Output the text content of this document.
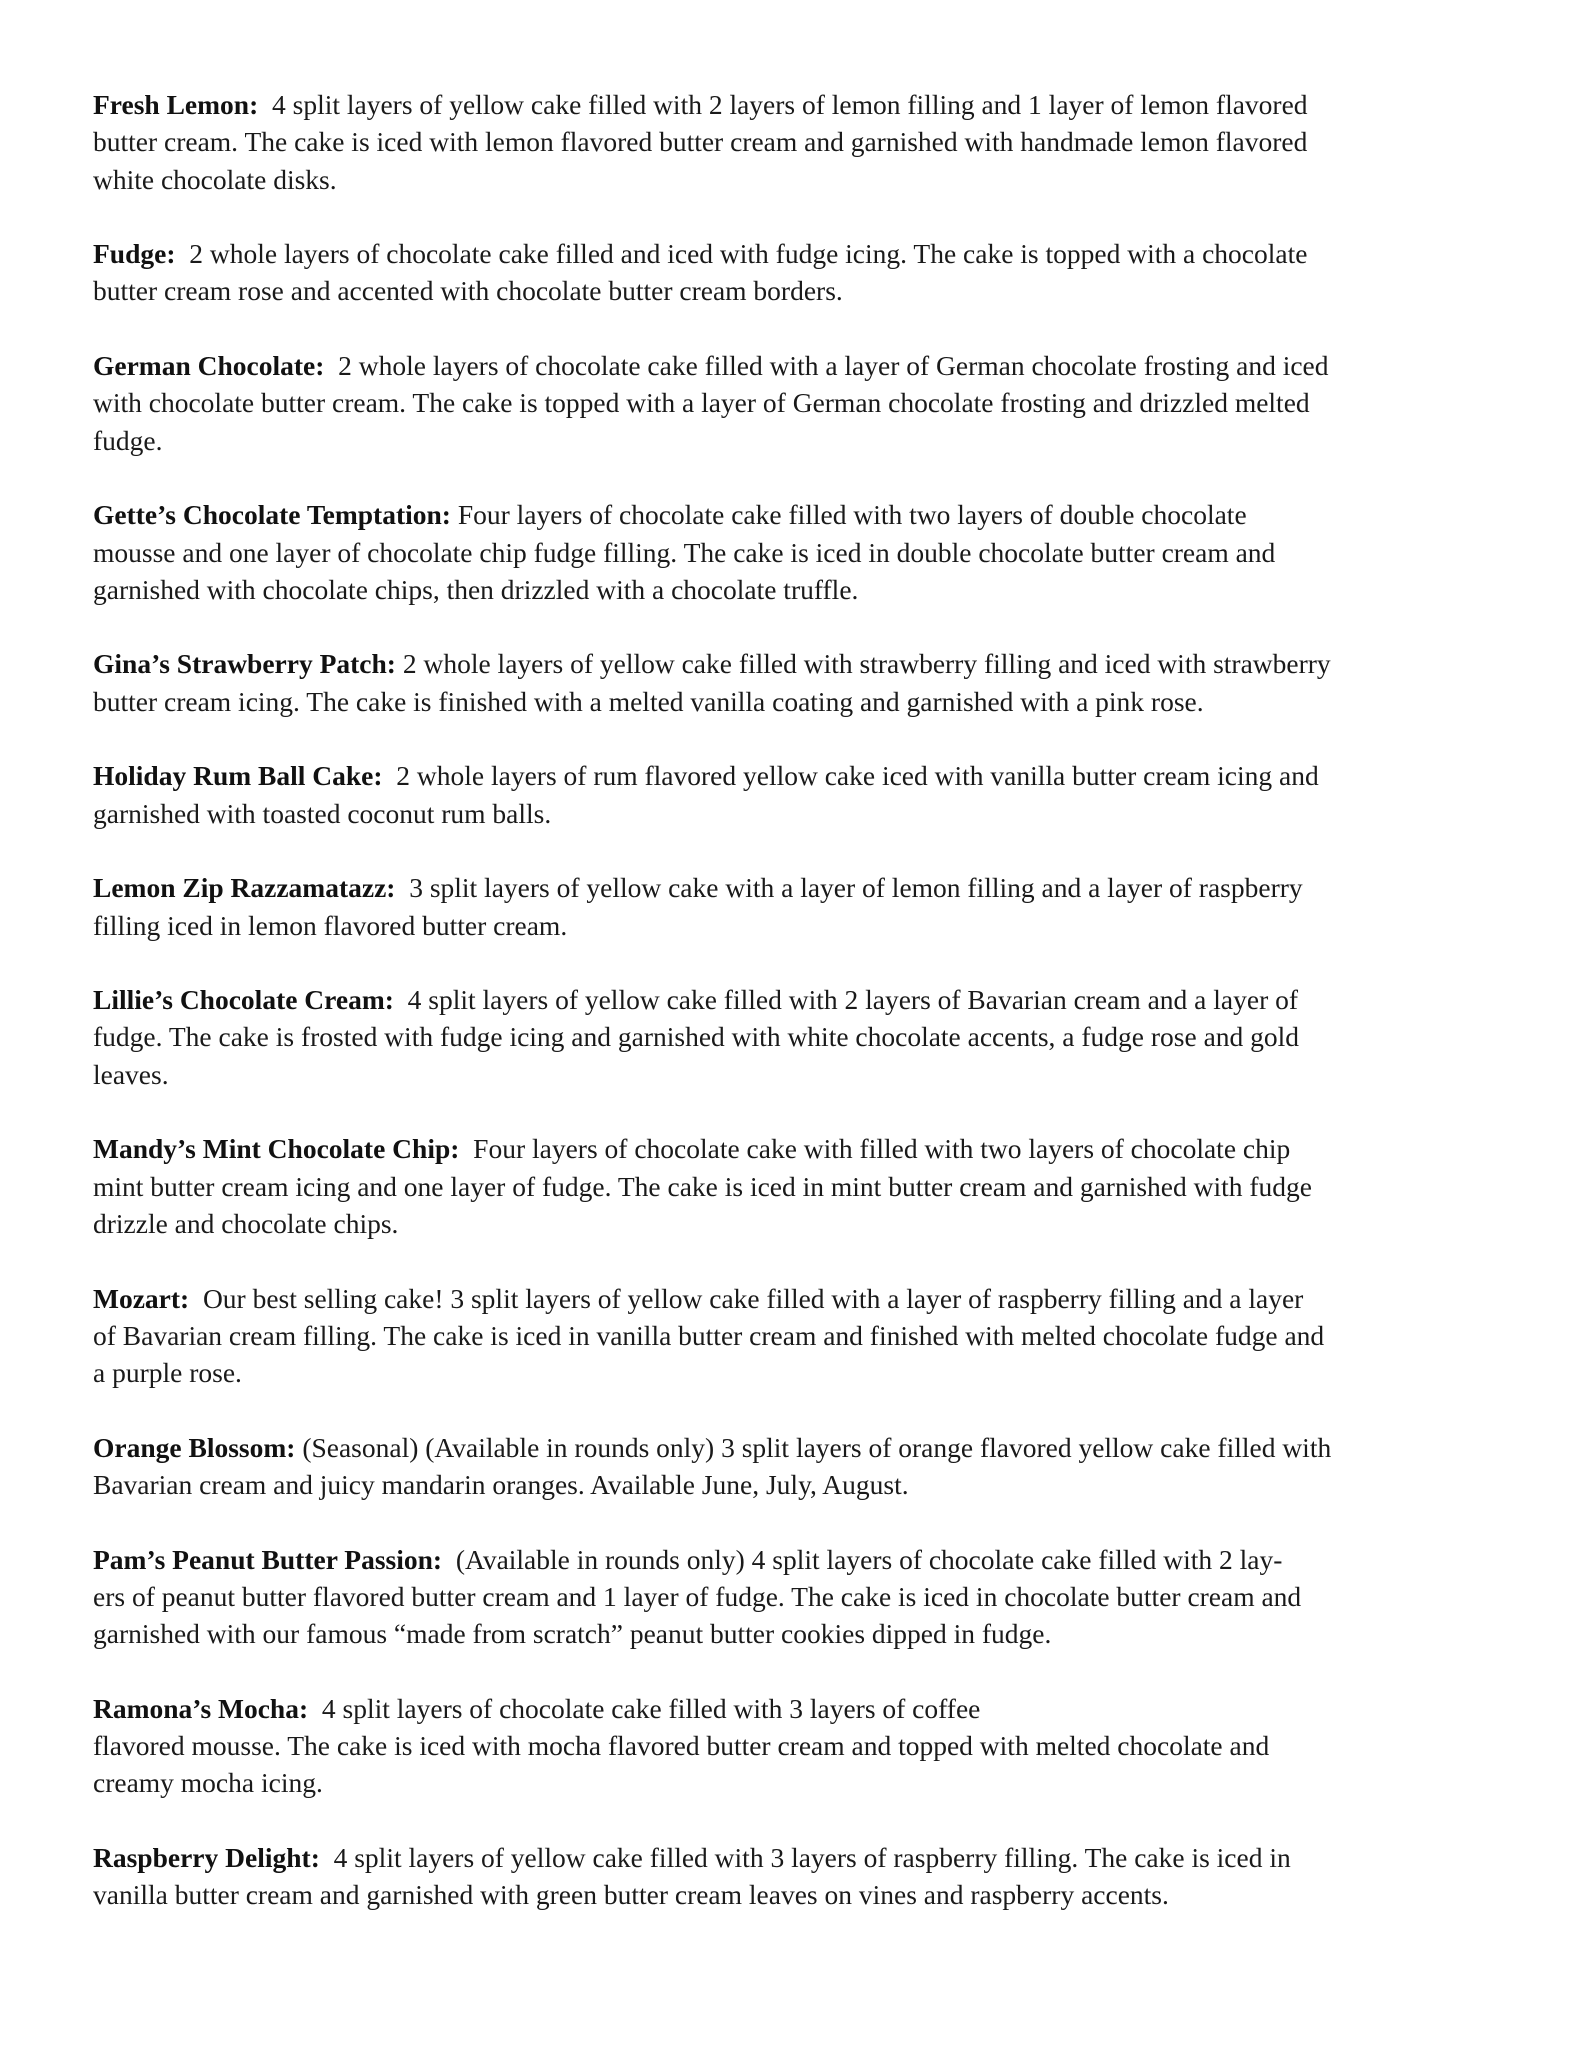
Fresh Lemon: 4 split layers of yellow cake filled with 2 layers of lemon filling and 1 layer of lemon flavored
butter cream. The cake is iced with lemon flavored butter cream and garnished with handmade lemon flavored
white chocolate disks.
Fudge: 2 whole layers of chocolate cake filled and iced with fudge icing. The cake is topped with a chocolate
butter cream rose and accented with chocolate butter cream borders.
German Chocolate: 2 whole layers of chocolate cake filled with a layer of German chocolate frosting and iced
with chocolate butter cream. The cake is topped with a layer of German chocolate frosting and drizzled melted
fudge.
Gette’s Chocolate Temptation: Four layers of chocolate cake filled with two layers of double chocolate
mousse and one layer of chocolate chip fudge filling. The cake is iced in double chocolate butter cream and
garnished with chocolate chips, then drizzled with a chocolate truffle.
Gina’s Strawberry Patch: 2 whole layers of yellow cake filled with strawberry filling and iced with strawberry
butter cream icing. The cake is finished with a melted vanilla coating and garnished with a pink rose.
Holiday Rum Ball Cake: 2 whole layers of rum flavored yellow cake iced with vanilla butter cream icing and
garnished with toasted coconut rum balls.
Lemon Zip Razzamatazz: 3 split layers of yellow cake with a layer of lemon filling and a layer of raspberry
filling iced in lemon flavored butter cream.
Lillie’s Chocolate Cream: 4 split layers of yellow cake filled with 2 layers of Bavarian cream and a layer of
fudge. The cake is frosted with fudge icing and garnished with white chocolate accents, a fudge rose and gold
leaves.
Mandy’s Mint Chocolate Chip: Four layers of chocolate cake with filled with two layers of chocolate chip
mint butter cream icing and one layer of fudge. The cake is iced in mint butter cream and garnished with fudge
drizzle and chocolate chips.
Mozart: Our best selling cake! 3 split layers of yellow cake filled with a layer of raspberry filling and a layer
of Bavarian cream filling. The cake is iced in vanilla butter cream and finished with melted chocolate fudge and
a purple rose.
Orange Blossom: (Seasonal) (Available in rounds only) 3 split layers of orange flavored yellow cake filled with
Bavarian cream and juicy mandarin oranges. Available June, July, August.
Pam’s Peanut Butter Passion: (Available in rounds only) 4 split layers of chocolate cake filled with 2 lay-
ers of peanut butter flavored butter cream and 1 layer of fudge. The cake is iced in chocolate butter cream and
garnished with our famous “made from scratch” peanut butter cookies dipped in fudge.
Ramona’s Mocha: 4 split layers of chocolate cake filled with 3 layers of coffee
flavored mousse. The cake is iced with mocha flavored butter cream and topped with melted chocolate and
creamy mocha icing.
Raspberry Delight: 4 split layers of yellow cake filled with 3 layers of raspberry filling. The cake is iced in
vanilla butter cream and garnished with green butter cream leaves on vines and raspberry accents.
